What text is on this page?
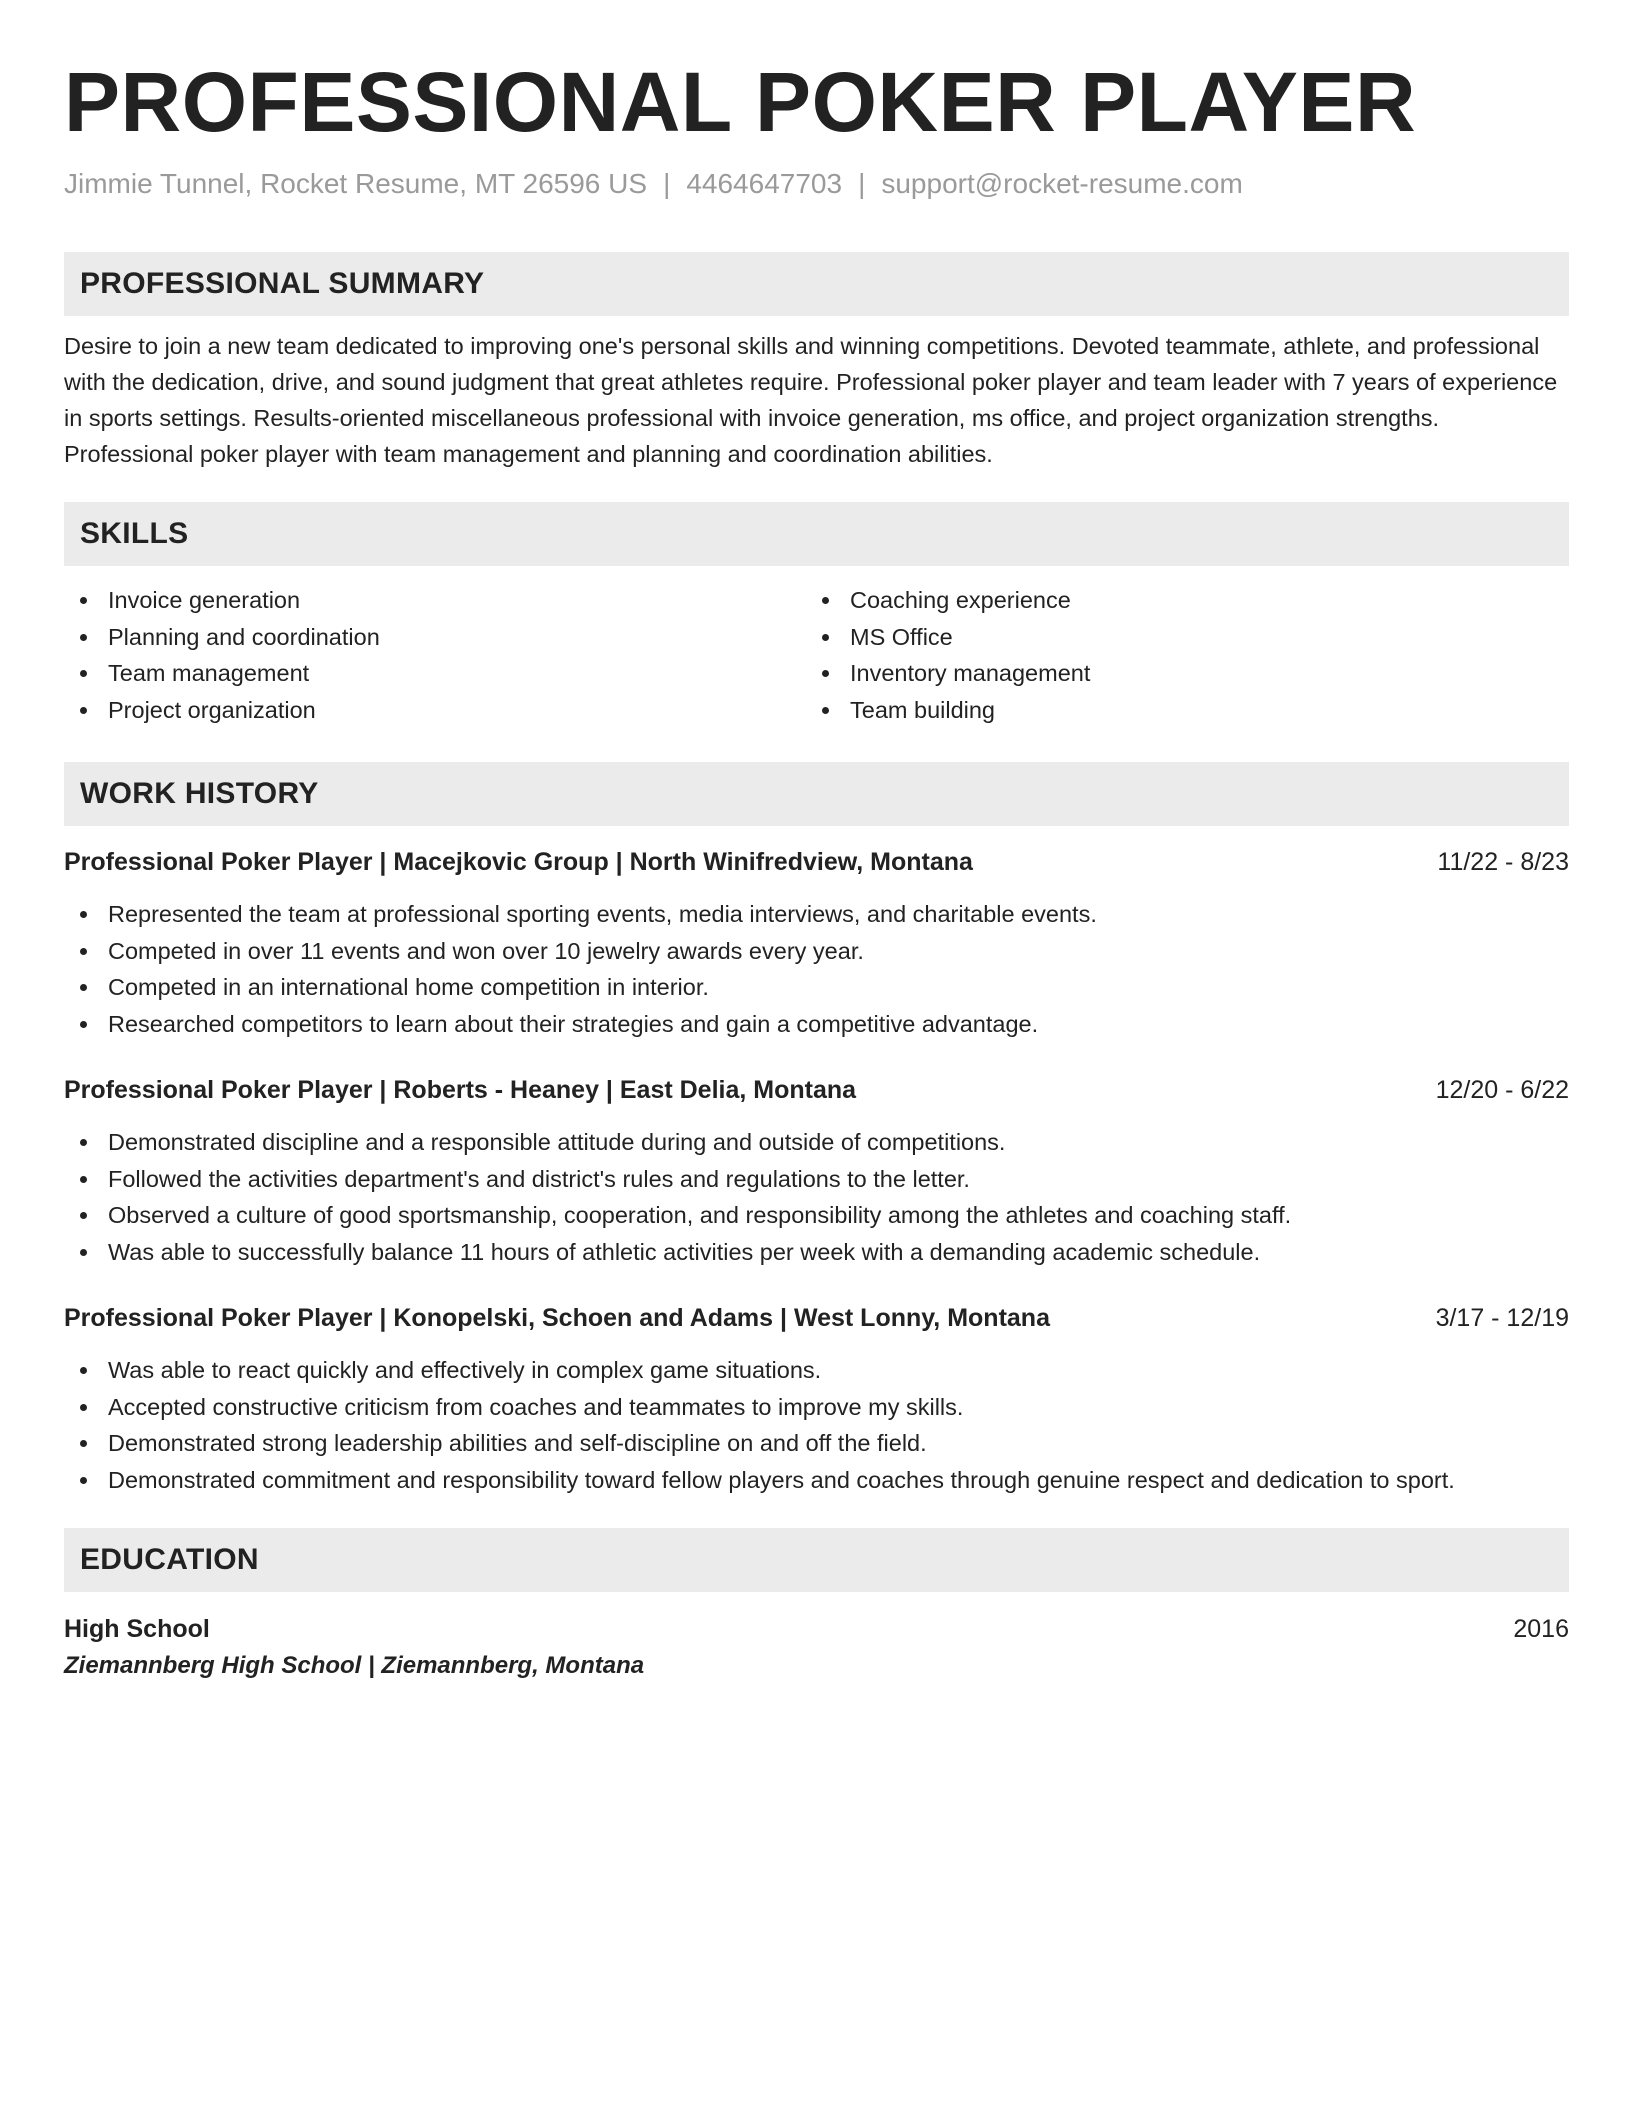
PROFESSIONAL POKER PLAYER
Jimmie Tunnel, Rocket Resume, MT 26596 US | 4464647703 | support@rocket-resume.com
PROFESSIONAL SUMMARY
Desire to join a new team dedicated to improving one's personal skills and winning competitions. Devoted teammate, athlete, and professional with the dedication, drive, and sound judgment that great athletes require. Professional poker player and team leader with 7 years of experience in sports settings. Results-oriented miscellaneous professional with invoice generation, ms office, and project organization strengths. Professional poker player with team management and planning and coordination abilities.
SKILLS
Invoice generation
Planning and coordination
Team management
Project organization
Coaching experience
MS Office
Inventory management
Team building
WORK HISTORY
Professional Poker Player | Macejkovic Group | North Winifredview, Montana	11/22 - 8/23
Represented the team at professional sporting events, media interviews, and charitable events.
Competed in over 11 events and won over 10 jewelry awards every year.
Competed in an international home competition in interior.
Researched competitors to learn about their strategies and gain a competitive advantage.
Professional Poker Player | Roberts - Heaney | East Delia, Montana	12/20 - 6/22
Demonstrated discipline and a responsible attitude during and outside of competitions.
Followed the activities department's and district's rules and regulations to the letter.
Observed a culture of good sportsmanship, cooperation, and responsibility among the athletes and coaching staff.
Was able to successfully balance 11 hours of athletic activities per week with a demanding academic schedule.
Professional Poker Player | Konopelski, Schoen and Adams | West Lonny, Montana	3/17 - 12/19
Was able to react quickly and effectively in complex game situations.
Accepted constructive criticism from coaches and teammates to improve my skills.
Demonstrated strong leadership abilities and self-discipline on and off the field.
Demonstrated commitment and responsibility toward fellow players and coaches through genuine respect and dedication to sport.
EDUCATION
High School	2016
Ziemannberg High School | Ziemannberg, Montana
